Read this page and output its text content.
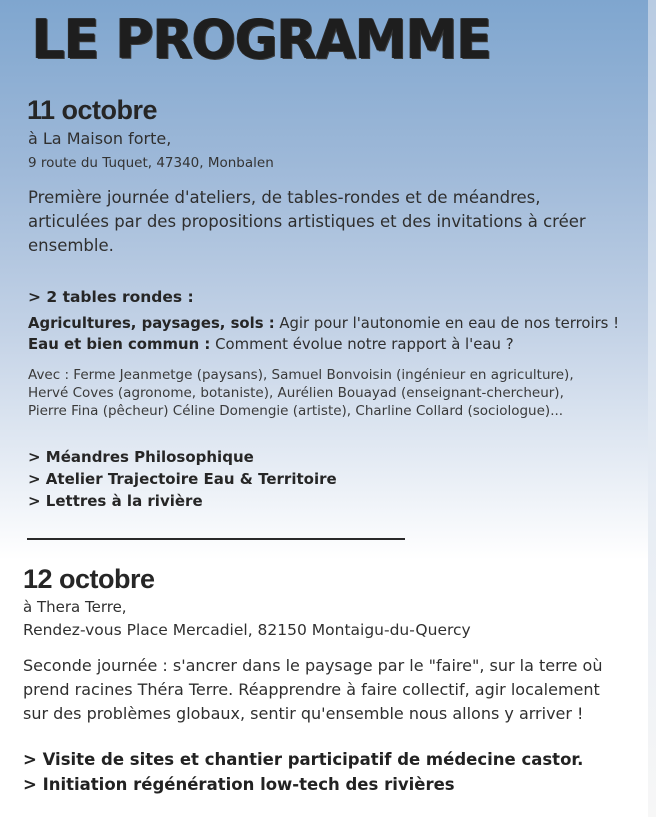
LE PROGRAMME
11 octobre
à La Maison forte,
9 route du Tuquet, 47340, Monbalen
Première journée d'ateliers, de tables-rondes et de méandres,
articulées par des propositions artistiques et des invitations à créer
ensemble.
> 2 tables rondes :
Agricultures, paysages, sols : Agir pour l'autonomie en eau de nos terroirs !
Eau et bien commun : Comment évolue notre rapport à l'eau ?
Avec : Ferme Jeanmetge (paysans), Samuel Bonvoisin (ingénieur en agriculture),
Hervé Coves (agronome, botaniste), Aurélien Bouayad (enseignant-chercheur),
Pierre Fina (pêcheur) Céline Domengie (artiste), Charline Collard (sociologue)...
> Méandres Philosophique
> Atelier Trajectoire Eau & Territoire
> Lettres à la rivière
12 octobre
à Thera Terre,
Rendez-vous Place Mercadiel, 82150 Montaigu-du-Quercy
Seconde journée : s'ancrer dans le paysage par le "faire", sur la terre où
prend racines Théra Terre. Réapprendre à faire collectif, agir localement
sur des problèmes globaux, sentir qu'ensemble nous allons y arriver !
> Visite de sites et chantier participatif de médecine castor.
> Initiation régénération low-tech des rivières
